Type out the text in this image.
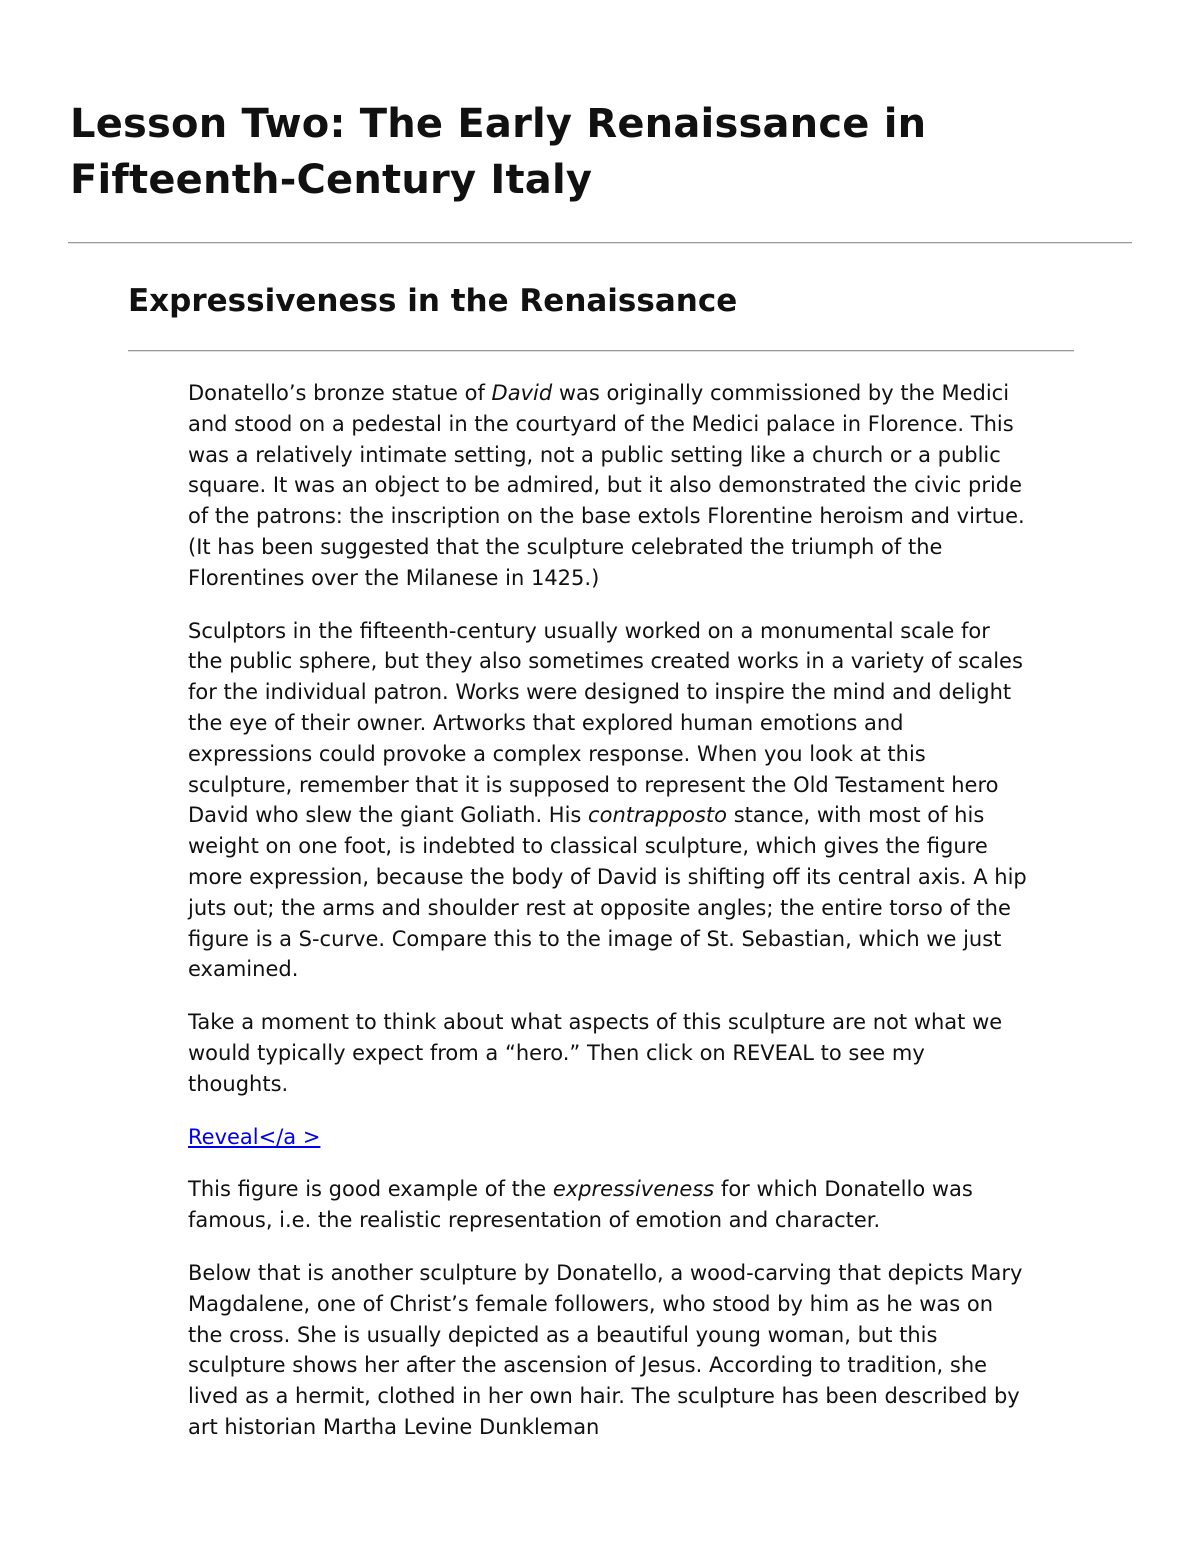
Lesson Two: The Early Renaissance in Fifteenth-Century Italy
Expressiveness in the Renaissance

Donatello’s bronze statue of David was originally commissioned by the Medici and stood on a pedestal in the courtyard of the Medici palace in Florence. This was a relatively intimate setting, not a public setting like a church or a public square. It was an object to be admired, but it also demonstrated the civic pride of the patrons: the inscription on the base extols Florentine heroism and virtue. (It has been suggested that the sculpture celebrated the triumph of the Florentines over the Milanese in 1425.)

Sculptors in the fifteenth-century usually worked on a monumental scale for the public sphere, but they also sometimes created works in a variety of scales for the individual patron. Works were designed to inspire the mind and delight the eye of their owner. Artworks that explored human emotions and expressions could provoke a complex response. When you look at this sculpture, remember that it is supposed to represent the Old Testament hero David who slew the giant Goliath. His contrapposto stance, with most of his weight on one foot, is indebted to classical sculpture, which gives the figure more expression, because the body of David is shifting off its central axis. A hip juts out; the arms and shoulder rest at opposite angles; the entire torso of the figure is a S-curve. Compare this to the image of St. Sebastian, which we just examined.

Take a moment to think about what aspects of this sculpture are not what we would typically expect from a “hero.” Then click on REVEAL to see my thoughts.

Reveal</a >

This figure is good example of the expressiveness for which Donatello was famous, i.e. the realistic representation of emotion and character.

Below that is another sculpture by Donatello, a wood-carving that depicts Mary Magdalene, one of Christ’s female followers, who stood by him as he was on the cross. She is usually depicted as a beautiful young woman, but this sculpture shows her after the ascension of Jesus. According to tradition, she lived as a hermit, clothed in her own hair. The sculpture has been described by art historian Martha Levine Dunkleman
